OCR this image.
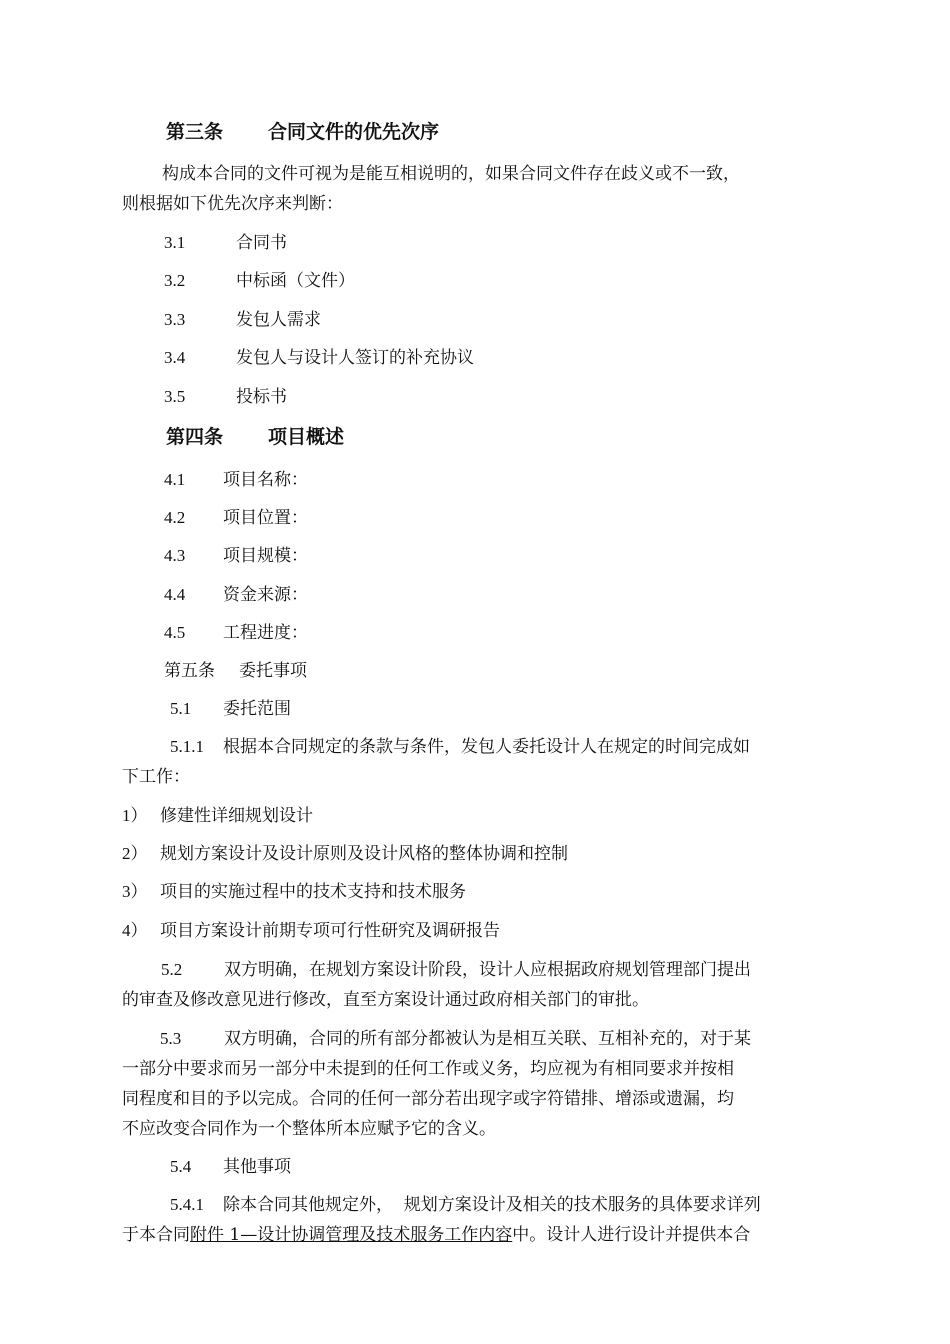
第三条 合同文件的优先次序
构成本合同的文件可视为是能互相说明的，如果合同文件存在歧义或不一致，
则根据如下优先次序来判断：
3.1	合同书
3.2	中标函（文件）
3.3	发包人需求
3.4	发包人与设计人签订的补充协议
3.5	投标书
第四条 项目概述
4.1 项目名称：
4.2 项目位置：
4.3 项目规模：
4.4 资金来源：
4.5 工程进度：
第五条 委托事项
5.1 委托范围
5.1.1 根据本合同规定的条款与条件，发包人委托设计人在规定的时间完成如
下工作：
1） 修建性详细规划设计
2） 规划方案设计及设计原则及设计风格的整体协调和控制
3） 项目的实施过程中的技术支持和技术服务
4） 项目方案设计前期专项可行性研究及调研报告
5.2 双方明确，在规划方案设计阶段，设计人应根据政府规划管理部门提出
的审查及修改意见进行修改，直至方案设计通过政府相关部门的审批。
5.3	双方明确，合同的所有部分都被认为是相互关联、互相补充的，对于某
一部分中要求而另一部分中未提到的任何工作或义务，均应视为有相同要求并按相
同程度和目的予以完成。合同的任何一部分若出现字或字符错排、增添或遗漏，均
不应改变合同作为一个整体所本应赋予它的含义。
5.4 其他事项
5.4.1 除本合同其他规定外，  规划方案设计及相关的技术服务的具体要求详列
于本合同附件 1—设计协调管理及技术服务工作内容中。设计人进行设计并提供本合
